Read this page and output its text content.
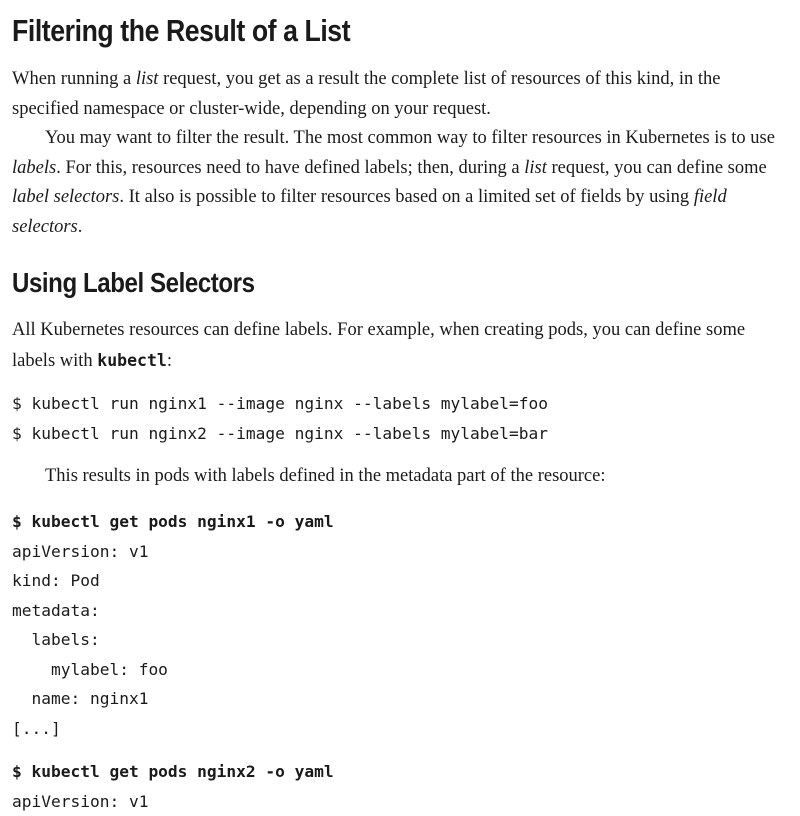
Filtering the Result of a List

When running a list request, you get as a result the complete list of resources of this kind, in the specified namespace or cluster-wide, depending on your request.

You may want to filter the result. The most common way to filter resources in Kubernetes is to use labels. For this, resources need to have defined labels; then, during a list request, you can define some label selectors. It also is possible to filter resources based on a limited set of fields by using field selectors.

Using Label Selectors

All Kubernetes resources can define labels. For example, when creating pods, you can define some labels with kubectl:

$ kubectl run nginx1 --image nginx --labels mylabel=foo
$ kubectl run nginx2 --image nginx --labels mylabel=bar

This results in pods with labels defined in the metadata part of the resource:

$ kubectl get pods nginx1 -o yaml
apiVersion: v1
kind: Pod
metadata:
labels:
mylabel: foo
name: nginx1
[...]
$ kubectl get pods nginx2 -o yaml
apiVersion: v1
